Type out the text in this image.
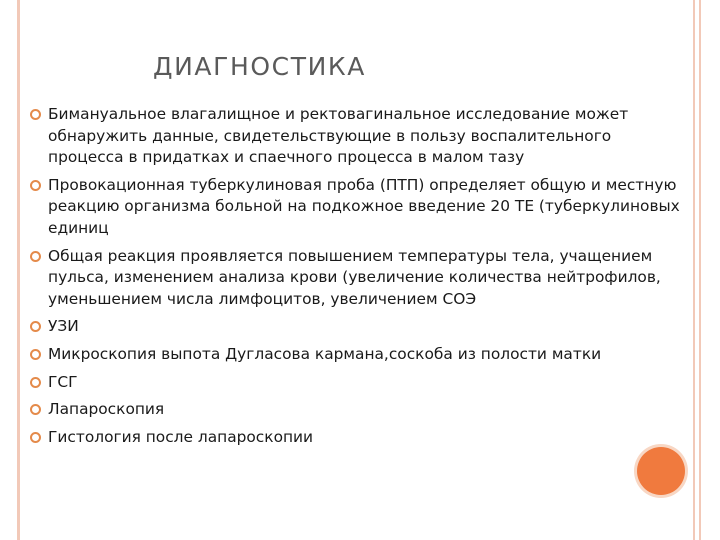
ДИАГНОСТИКА
Бимануальное влагалищное и ректовагинальное исследование может обнаружить данные, свидетельствующие в пользу воспалительного процесса в придатках и спаечного процесса в малом тазу
Провокационная туберкулиновая проба (ПТП) определяет общую и местную реакцию организма больной на подкожное введение 20 ТЕ (туберкулиновых единиц
Общая реакция проявляется повышением температуры тела, учащением пульса, изменением анализа крови (увеличение количества нейтрофилов, уменьшением числа лимфоцитов, увеличением СОЭ
УЗИ
Микроскопия выпота Дугласова кармана,соскоба из полости матки
ГСГ
Лапароскопия
Гистология после лапароскопии
